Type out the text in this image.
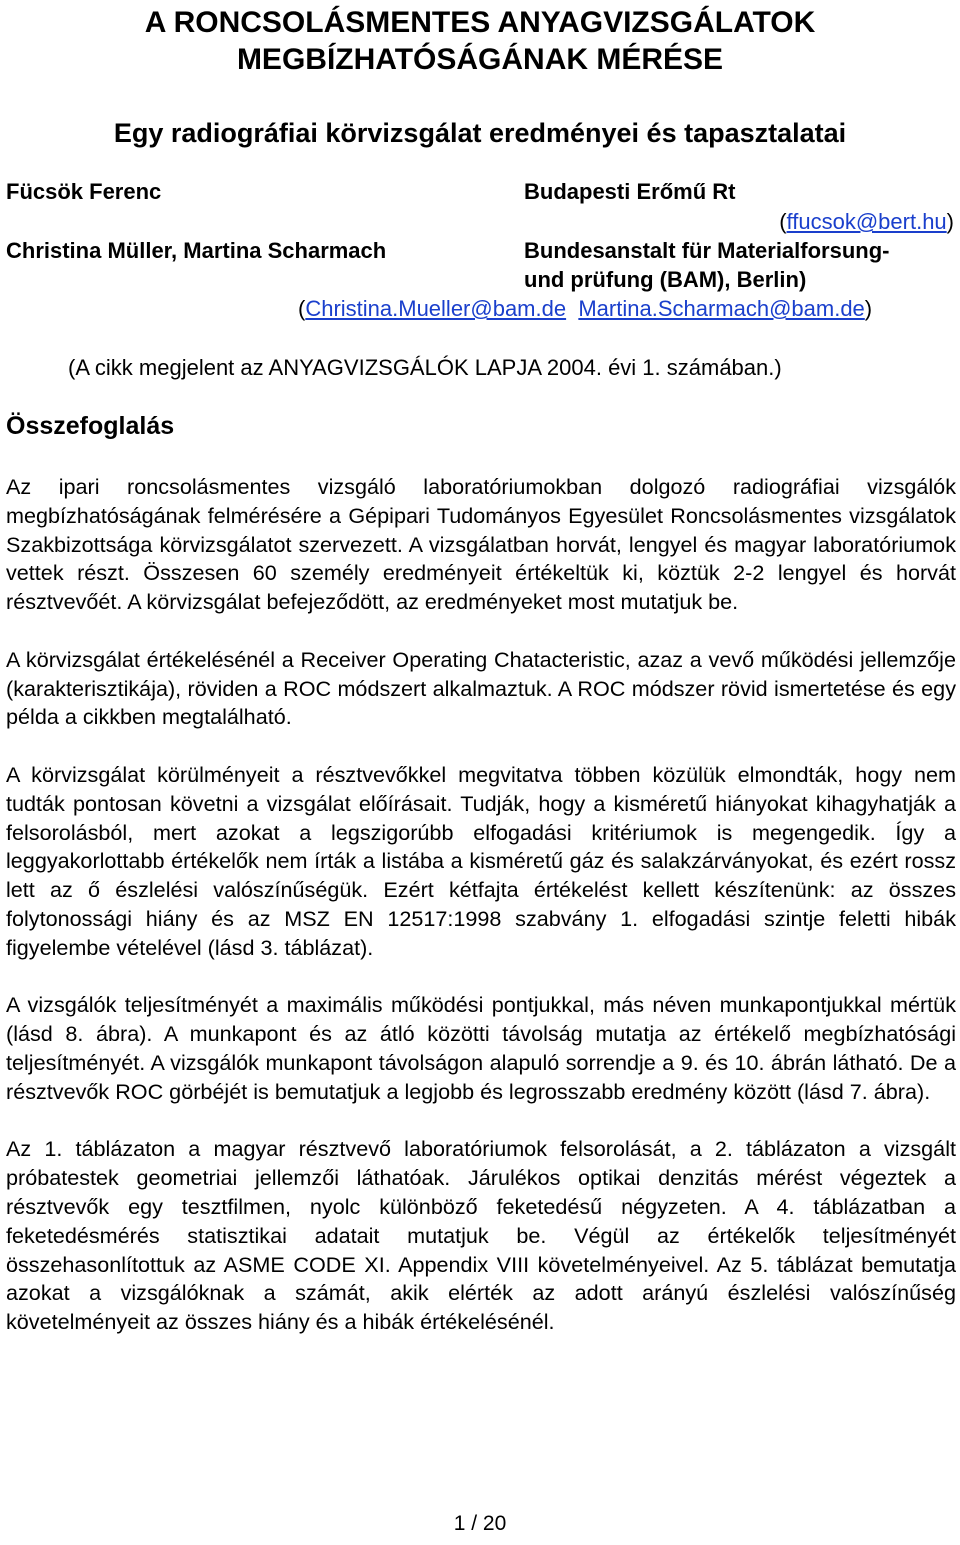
A RONCSOLÁSMENTES ANYAGVIZSGÁLATOK
MEGBÍZHATÓSÁGÁNAK MÉRÉSE
Egy radiográfiai körvizsgálat eredményei és tapasztalatai
Fücsök Ferenc	Budapesti Erőmű Rt
(ffucsok@bert.hu)
Christina Müller, Martina Scharmach	Bundesanstalt für Materialforsung-
und prüfung (BAM), Berlin)
(Christina.Mueller@bam.de Martina.Scharmach@bam.de)
(A cikk megjelent az ANYAGVIZSGÁLÓK LAPJA 2004. évi 1. számában.)
Összefoglalás

Az ipari roncsolásmentes vizsgáló laboratóriumokban dolgozó radiográfiai vizsgálók megbízhatóságának felmérésére a Gépipari Tudományos Egyesület Roncsolásmentes vizsgálatok Szakbizottsága körvizsgálatot szervezett. A vizsgálatban horvát, lengyel és magyar laboratóriumok vettek részt. Összesen 60 személy eredményeit értékeltük ki, köztük 2-2 lengyel és horvát résztvevőét. A körvizsgálat befejeződött, az eredményeket most mutatjuk be.

A körvizsgálat értékelésénél a Receiver Operating Chatacteristic, azaz a vevő működési jellemzője (karakterisztikája), röviden a ROC módszert alkalmaztuk. A ROC módszer rövid ismertetése és egy példa a cikkben megtalálható.

A körvizsgálat körülményeit a résztvevőkkel megvitatva többen közülük elmondták, hogy nem tudták pontosan követni a vizsgálat előírásait. Tudják, hogy a kisméretű hiányokat kihagyhatják a felsorolásból, mert azokat a legszigorúbb elfogadási kritériumok is megengedik. Így a leggyakorlottabb értékelők nem írták a listába a kisméretű gáz és salakzárványokat, és ezért rossz lett az ő észlelési valószínűségük. Ezért kétfajta értékelést kellett készítenünk: az összes folytonossági hiány és az MSZ EN 12517:1998 szabvány 1. elfogadási szintje feletti hibák figyelembe vételével (lásd 3. táblázat).

A vizsgálók teljesítményét a maximális működési pontjukkal, más néven munkapontjukkal mértük (lásd 8. ábra). A munkapont és az átló közötti távolság mutatja az értékelő megbízhatósági teljesítményét. A vizsgálók munkapont távolságon alapuló sorrendje a 9. és 10. ábrán látható. De a résztvevők ROC görbéjét is bemutatjuk a legjobb és legrosszabb eredmény között (lásd 7. ábra).

Az 1. táblázaton a magyar résztvevő laboratóriumok felsorolását, a 2. táblázaton a vizsgált próbatestek geometriai jellemzői láthatóak. Járulékos optikai denzitás mérést végeztek a résztvevők egy tesztfilmen, nyolc különböző feketedésű négyzeten. A 4. táblázatban a feketedésmérés statisztikai adatait mutatjuk be. Végül az értékelők teljesítményét összehasonlítottuk az ASME CODE XI. Appendix VIII követelményeivel. Az 5. táblázat bemutatja azokat a vizsgálóknak a számát, akik elérték az adott arányú észlelési valószínűség követelményeit az összes hiány és a hibák értékelésénél.

1 / 20
